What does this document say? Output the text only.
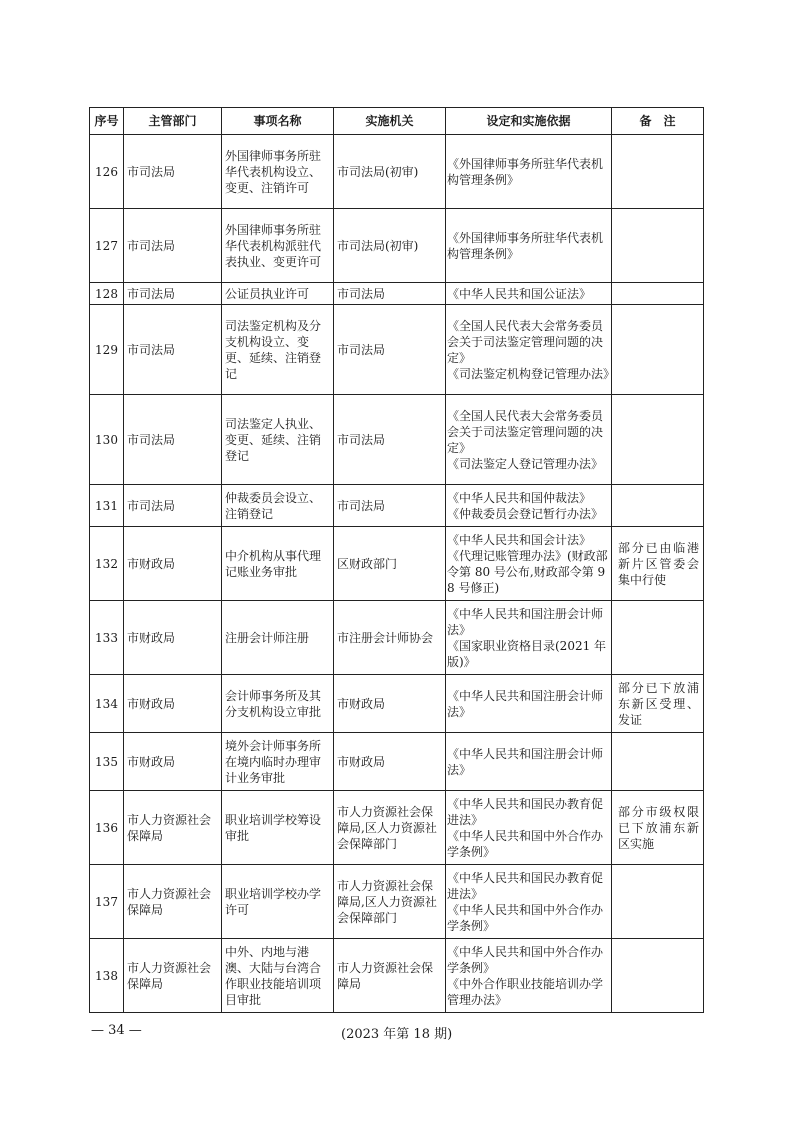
序号	主管部门	事项名称	实施机关	设定和实施依据	备　注
126	市司法局	外国律师事务所驻华代表机构设立、变更、注销许可	市司法局(初审)	《外国律师事务所驻华代表机构管理条例》	

127	市司法局	外国律师事务所驻华代表机构派驻代表执业、变更许可	市司法局(初审)	《外国律师事务所驻华代表机构管理条例》	

128	市司法局	公证员执业许可	市司法局	《中华人民共和国公证法》	

129	市司法局	司法鉴定机构及分支机构设立、变更、延续、注销登记	市司法局	《全国人民代表大会常务委员会关于司法鉴定管理问题的决定》
《司法鉴定机构登记管理办法》	

130	市司法局	司法鉴定人执业、变更、延续、注销登记	市司法局	《全国人民代表大会常务委员会关于司法鉴定管理问题的决定》
《司法鉴定人登记管理办法》	

131	市司法局	仲裁委员会设立、注销登记	市司法局	《中华人民共和国仲裁法》
《仲裁委员会登记暂行办法》	

132	市财政局	中介机构从事代理记账业务审批	区财政部门	《中华人民共和国会计法》
《代理记账管理办法》(财政部令第 80 号公布,财政部令第 98 号修正)	部分已由临港新片区管委会集中行使
133	市财政局	注册会计师注册	市注册会计师协会	《中华人民共和国注册会计师法》
《国家职业资格目录(2021 年版)》	

134	市财政局	会计师事务所及其分支机构设立审批	市财政局	《中华人民共和国注册会计师法》	部分已下放浦东新区受理、发证
135	市财政局	境外会计师事务所在境内临时办理审计业务审批	市财政局	《中华人民共和国注册会计师法》	

136	市人力资源社会保障局	职业培训学校筹设审批	市人力资源社会保障局,区人力资源社会保障部门	《中华人民共和国民办教育促进法》
《中华人民共和国中外合作办学条例》	部分市级权限已下放浦东新区实施
137	市人力资源社会保障局	职业培训学校办学许可	市人力资源社会保障局,区人力资源社会保障部门	《中华人民共和国民办教育促进法》
《中华人民共和国中外合作办学条例》	

138	市人力资源社会保障局	中外、内地与港澳、大陆与台湾合作职业技能培训项目审批	市人力资源社会保障局	《中华人民共和国中外合作办学条例》
《中外合作职业技能培训办学管理办法》	

— 34 —	(2023 年第 18 期)
